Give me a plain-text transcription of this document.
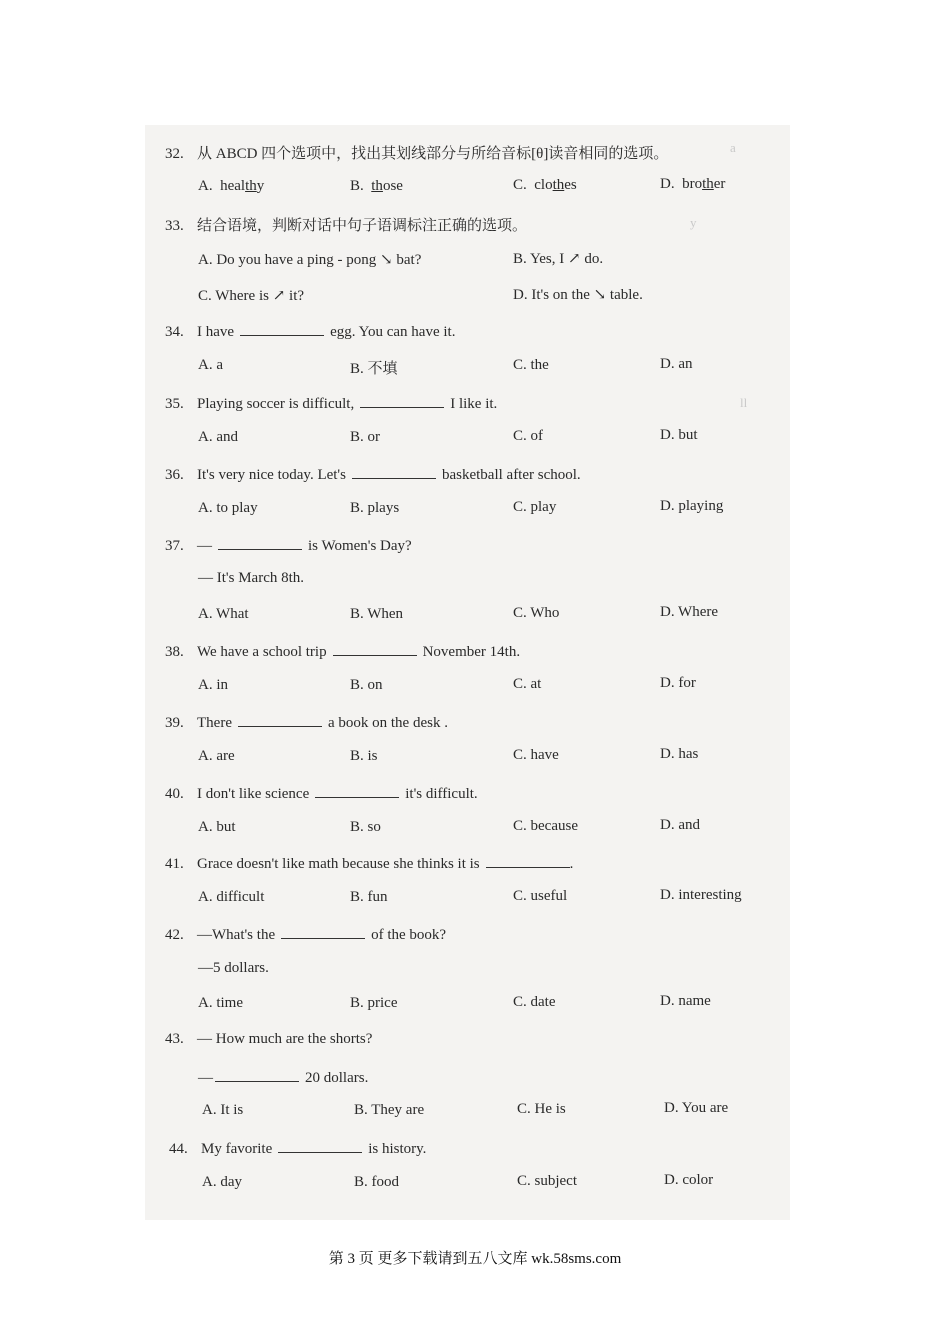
a
y
ll
32. 从 ABCD 四个选项中，找出其划线部分与所给音标[θ]读音相同的选项。
A. healthy	B. those	C. clothes	D. brother
33. 结合语境，判断对话中句子语调标注正确的选项。
A. Do you have a ping - pong ↘ bat?	B. Yes, I ↗ do.
C. Where is ↗ it?	D. It's on the ↘ table.
34. I have	egg. You can have it.
A. a	B. 不填	C. the	D. an
35. Playing soccer is difficult,	I like it.
A. and	B. or	C. of	D. but
36. It's very nice today. Let's	basketball after school.
A. to play	B. plays	C. play	D. playing
37. —	is Women's Day?
— It's March 8th.
A. What	B. When	C. Who	D. Where
38. We have a school trip	November 14th.
A. in	B. on	C. at	D. for
39. There	a book on the desk .
A. are	B. is	C. have	D. has
40. I don't like science	it's difficult.
A. but	B. so	C. because	D. and
41. Grace doesn't like math because she thinks it is	.
A. difficult	B. fun	C. useful	D. interesting
42. —What's the	of the book?
—5 dollars.
A. time	B. price	C. date	D. name
43. — How much are the shorts?
—	20 dollars.
A. It is	B. They are	C. He is	D. You are
44. My favorite	is history.
A. day	B. food	C. subject	D. color
第 3 页 更多下载请到五八文库 wk.58sms.com
